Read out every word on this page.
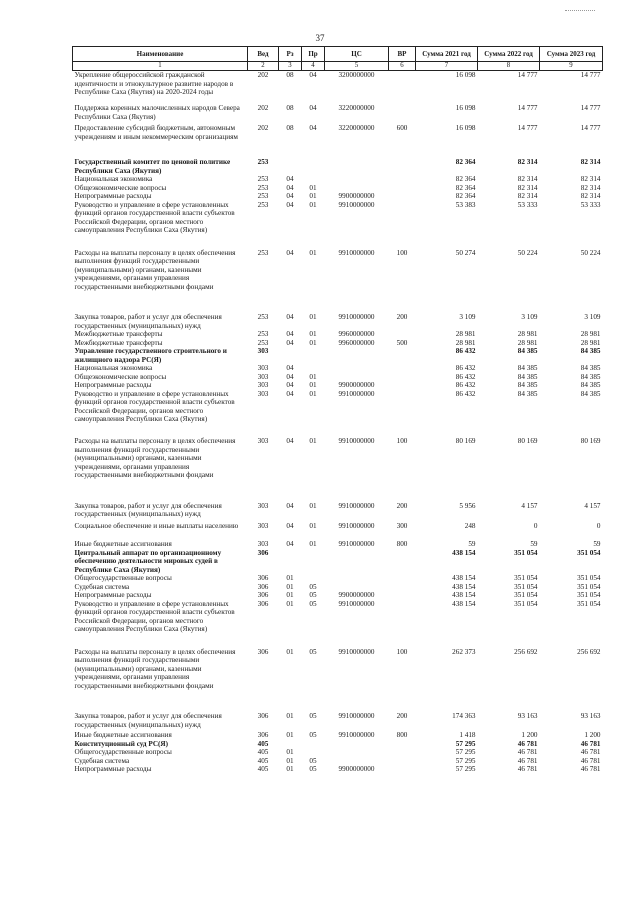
37
Наименование	Вед	Рз	Пр	ЦС	ВР	Сумма 2021 год	Сумма 2022 год	Сумма 2023 год
1	2	3	4	5	6	7	8	9
Укрепление общероссийской гражданской идентичности и этнокультурное развитие народов в Республике Саха (Якутия) на 2020-2024 годы	202	08	04	3200000000		16 098	14 777	14 777

Поддержка коренных малочисленных народов Севера Республики Саха (Якутия)	202	08	04	3220000000		16 098	14 777	14 777

Предоставление субсидий бюджетным, автономным учреждениям и иным некоммерческим организациям	202	08	04	3220000000	600	16 098	14 777	14 777

Государственный комитет по ценовой политике Республики Саха (Якутия)	253					82 364	82 314	82 314
Национальная экономика	253	04				82 364	82 314	82 314
Общеэкономические вопросы	253	04	01			82 364	82 314	82 314
Непрограммные расходы	253	04	01	9900000000		82 364	82 314	82 314
Руководство и управление в сфере установленных функций органов государственной власти субъектов Российской Федерации, органов местного самоуправления Республики Саха (Якутия)	253	04	01	9910000000		53 383	53 333	53 333

Расходы на выплаты персоналу в целях обеспечения выполнения функций государственными (муниципальными) органами, казенными учреждениями, органами управления государственными внебюджетными фондами	253	04	01	9910000000	100	50 274	50 224	50 224

Закупка товаров, работ и услуг для обеспечения государственных (муниципальных) нужд	253	04	01	9910000000	200	3 109	3 109	3 109
Межбюджетные трансферты	253	04	01	9960000000		28 981	28 981	28 981
Межбюджетные трансферты	253	04	01	9960000000	500	28 981	28 981	28 981
Управление государственного строительного и жилищного надзора РС(Я)	303					86 432	84 385	84 385
Национальная экономика	303	04				86 432	84 385	84 385
Общеэкономические вопросы	303	04	01			86 432	84 385	84 385
Непрограммные расходы	303	04	01	9900000000		86 432	84 385	84 385
Руководство и управление в сфере установленных функций органов государственной власти субъектов Российской Федерации, органов местного самоуправления Республики Саха (Якутия)	303	04	01	9910000000		86 432	84 385	84 385

Расходы на выплаты персоналу в целях обеспечения выполнения функций государственными (муниципальными) органами, казенными учреждениями, органами управления государственными внебюджетными фондами	303	04	01	9910000000	100	80 169	80 169	80 169

Закупка товаров, работ и услуг для обеспечения государственных (муниципальных) нужд	303	04	01	9910000000	200	5 956	4 157	4 157

Социальное обеспечение и иные выплаты населению	303	04	01	9910000000	300	248	0	0

Иные бюджетные ассигнования	303	04	01	9910000000	800	59	59	59
Центральный аппарат по организационному обеспечению деятельности мировых судей в Республике Саха (Якутия)	306					438 154	351 054	351 054
Общегосударственные вопросы	306	01				438 154	351 054	351 054
Судебная система	306	01	05			438 154	351 054	351 054
Непрограммные расходы	306	01	05	9900000000		438 154	351 054	351 054
Руководство и управление в сфере установленных функций органов государственной власти субъектов Российской Федерации, органов местного самоуправления Республики Саха (Якутия)	306	01	05	9910000000		438 154	351 054	351 054

Расходы на выплаты персоналу в целях обеспечения выполнения функций государственными (муниципальными) органами, казенными учреждениями, органами управления государственными внебюджетными фондами	306	01	05	9910000000	100	262 373	256 692	256 692

Закупка товаров, работ и услуг для обеспечения государственных (муниципальных) нужд	306	01	05	9910000000	200	174 363	93 163	93 163

Иные бюджетные ассигнования	306	01	05	9910000000	800	1 418	1 200	1 200
Конституционный суд РС(Я)	405					57 295	46 781	46 781
Общегосударственные вопросы	405	01				57 295	46 781	46 781
Судебная система	405	01	05			57 295	46 781	46 781
Непрограммные расходы	405	01	05	9900000000		57 295	46 781	46 781
